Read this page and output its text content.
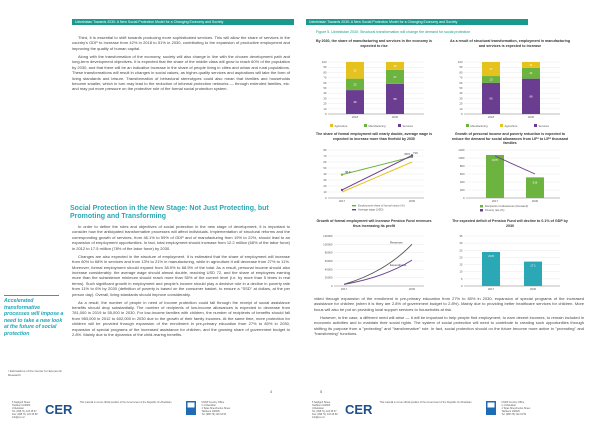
Uzbekistan Towards 2030: A New Social Protection Model for a Changing Economy and Society

Third, it is essential to shift towards producing more sophisticated services. This will allow the share of services in the country's GDP to increase from 42% in 2018 to 51% in 2030, contributing to the expansion of productive employment and improving the quality of human capital.

Along with the transformation of the economy, society will also change in line with the chosen development path and long-term development objectives. It is expected that the share of the middle class will grow to reach 60% of the population by 2030, and that there will be an indicative increase in the share of people living in cities and urban and rural populations. These transformations will result in changes in social values, as higher-quality services and aspirations will take the form of living standards and leisure. Transformation of behavioral stereotypes could also mean that families and households become smaller, which in turn may lead to the reduction of informal protection networks — through extended families, etc. and may put more pressure on the protective role of the formal social protection system.

Social Protection in the New Stage: Not Just Protecting, but Promoting and Transforming

In order to define the roles and objectives of social protection in the new stage of development, it is important to consider how the anticipated transformative processes will affect individuals. Implementation of structural reforms and the corresponding growth of services, from 46.1% to 59% of GDP and of manufacturing from 19% to 22%, should lead to an expansion of employment opportunities. In fact, total employment should increase from 12.2 million (68% of the labor force) in 2012 to 17.5 million (78% of the labor force) by 2030.

Changes are also expected in the structure of employment. It is estimated that the share of employment will increase from 60% to 68% in services and from 13% to 21% in manufacturing, while in agriculture it will decrease from 27% to 11%. Moreover, formal employment should expand from 38.9% to 68.5% of the total. As a result, personal income should also increase considerably: the average wage should almost double, reaching USD 72, and the share of employees earning more than the subsistence minimum should reach more than 55% of the current level (i.e. by more than 5 times in real terms). Such significant growth in employment and people's income should play a decisive role in a decline in poverty rate from 11% to 6% by 2030 (definition of poverty is based on the consumer basket, to ensure a "SSD" at dollars, at the per person day). Overall, living standards should improve considerably.

As a result, the number of people in need of income protection could fall through the receipt of social assistance benefits should drop substantially. The number of recipients of low-income allowances is expected to decrease from 781,000 in 2019 to 55,000 in 2030. For low-income families with children, the number of recipients of benefits should fall from 983,000 in 2012 to 602,000 in 2030 due to the growth of their family incomes. At the same time, more protection for children will be provided through expansion of the enrollment in pre-primary education from 27% to 80% in 2030, expansion of special programs of the increased assistance for children, and the growing share of government budget to 2.8%. Mainly due to the dynamics of the child-rearing benefits.

Accelerated transformative processes will impose a need to take a new look at the future of social protection
¹ Estimations of the Center for Economic Research
4
5 Sayilgoh Street
Tashkent 100000
Uzbekistan
Tel: (998 71) 123 45 67
Fax: (998 71) 123 45 68
info@cer.uz
CER	This material is not an official position of the Government of the Republic of Uzbekistan	UNDP Country Office
in Uzbekistan
4 Taras Shevchenko Street
Tashkent 100029
Tel: (998 78) 120 34 50
Uzbekistan Towards 2030: A New Social Protection Model for a Changing Economy and Society
Figure 5. Uzbekistan 2030: Structural transformation will change the demand for social protection
By 2030, the share of manufacturing and services in the economy is expected to rise
As a result of structural transformation, employment in manufacturing and services is expected to increase
The share of formal employment will nearly double, average wage is expected to increase more than fivefold by 2030
Growth of personal income and poverty reduction is expected to reduce the demand for social allowances from LIF* to LIF* thousand families
Growth of formal employment will increase Pension Fund revenues thus increasing its profit
The expected deficit of Pension Fund will decline to 0.1% of GDP by 2030
0
10
20
30
40
50
60
70
80
90
100
2018	2030
46
22
32
58
27
15
Agriculture	Manufacturing	Services
0
10
20
30
40
50
60
70
80
90
100
2018	2030
60
13
27
68
21
11
Manufacturing	Agriculture	Services
0
10
20
30
40
50
60
70
80
2017	2030
38.9
68.5 710
Employment share of formal sector (%)
Average wage (USD)
0
200
400
600
800
1000
1200
1076
2017
516
2030
Recipients of allowances (thousand)
Poverty rate (%)
0
20000
40000
60000
80000
100000
120000
2017	2030
Revenues
Expenditures
0
5
10
15
20
25
30
35
23.8
2017
17.1
2030

vided through expansion of the enrollment in pre-primary education from 27% to 80% in 2030, expansion of special programs of the increased assistance for children (when it is they are 2.8% of government budget to 2.8%). Mainly due to providing better healthcare services for children. More focus will also be put on providing local support services to households at risk.

However, in the case, a different need will arise — it will be important to help people find employment, to earn decent incomes, to remain included in economic activities and to maintain their social rights. The system of social protection will need to contribute to creating such opportunities through shifting its purpose from a "protecting" and "transformative" role. In fact, social protection should on the future become more active in "promoting" and "transforming" functions.

5
5 Sayilgoh Street
Tashkent 100000
Uzbekistan
Tel: (998 71) 123 45 67
Fax: (998 71) 123 45 68
info@cer.uz
CER	This material is not an official position of the Government of the Republic of Uzbekistan	UNDP Country Office
in Uzbekistan
4 Taras Shevchenko Street
Tashkent 100029
Tel: (998 78) 120 34 50
